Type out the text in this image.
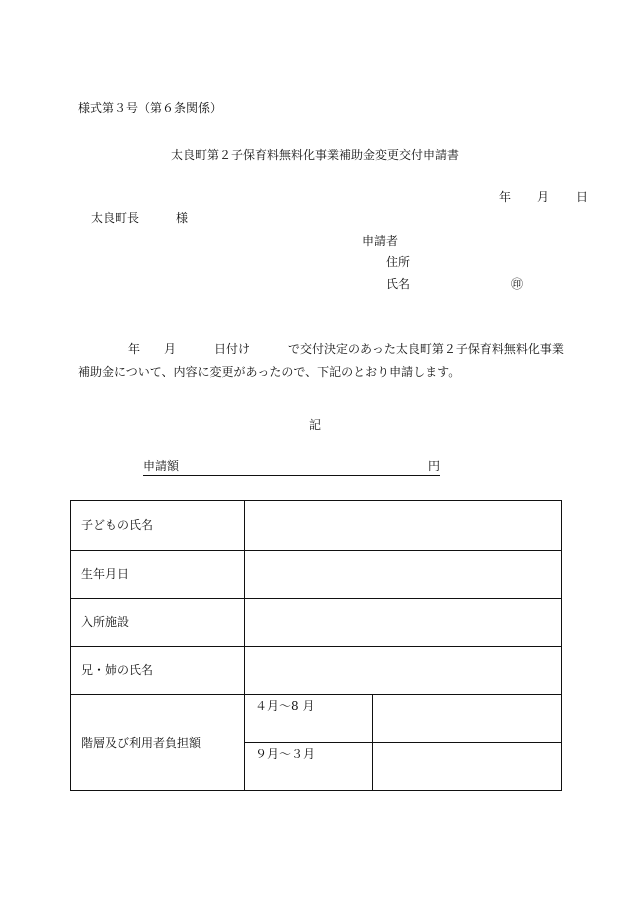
様式第３号（第６条関係）
太良町第２子保育料無料化事業補助金変更交付申請書
年 月 日
太良町長	様
申請者
住所
氏名	㊞
年 月	日付け	で交付決定のあった太良町第２子保育料無料化事業
補助金について、内容に変更があったので、下記のとおり申請します。
記
申請額	円
子どもの氏名		
生年月日		
入所施設		
兄・姉の氏名		
階層及び利用者負担額	４月～8 月	
	９月～３月	
